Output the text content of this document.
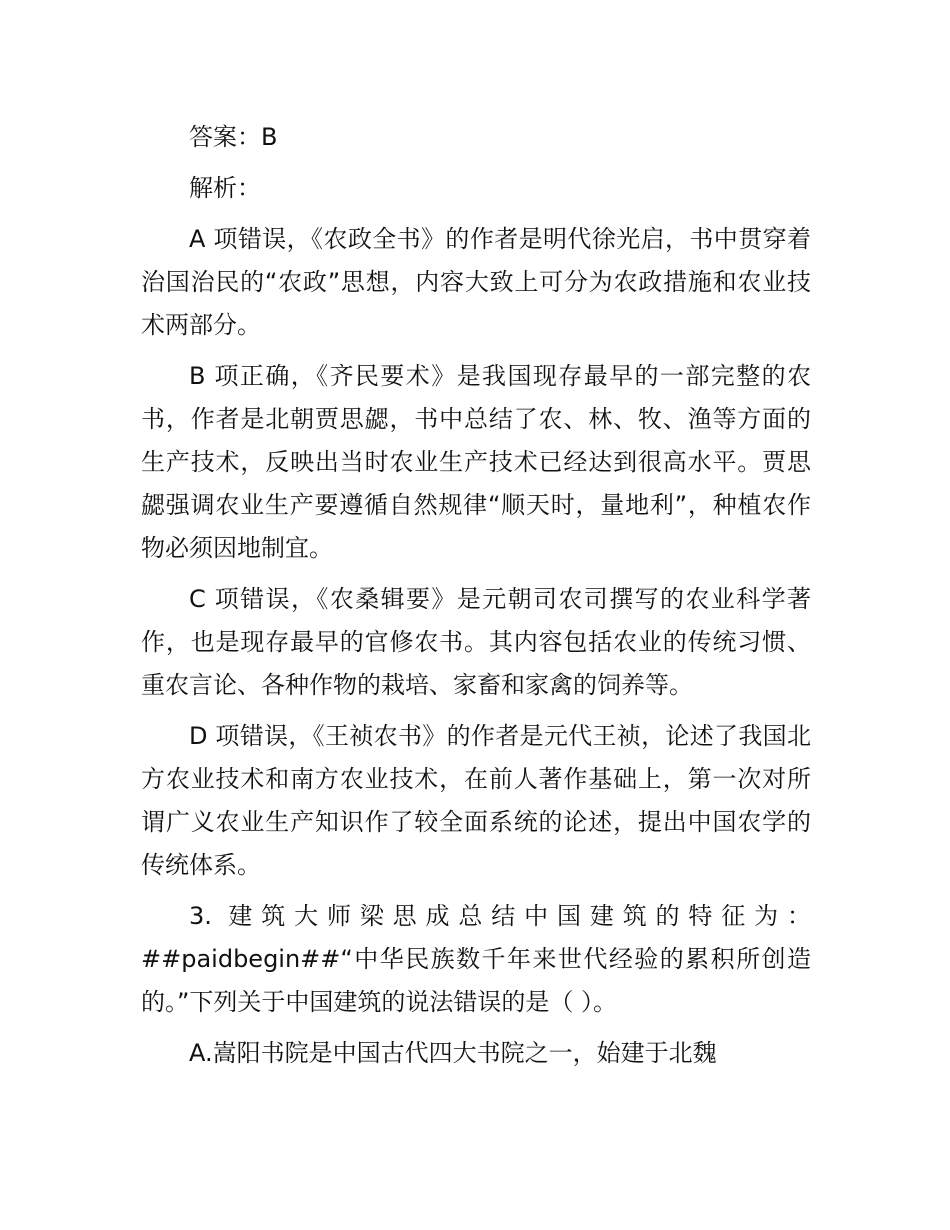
答案：B

解析：

A 项错误，《农政全书》的作者是明代徐光启，书中贯穿着治国治民的“农政”思想，内容大致上可分为农政措施和农业技术两部分。

B 项正确，《齐民要术》是我国现存最早的一部完整的农书，作者是北朝贾思勰，书中总结了农、林、牧、渔等方面的生产技术，反映出当时农业生产技术已经达到很高水平。贾思勰强调农业生产要遵循自然规律“顺天时，量地利”，种植农作物必须因地制宜。

C 项错误，《农桑辑要》是元朝司农司撰写的农业科学著作，也是现存最早的官修农书。其内容包括农业的传统习惯、重农言论、各种作物的栽培、家畜和家禽的饲养等。

D 项错误，《王祯农书》的作者是元代王祯，论述了我国北方农业技术和南方农业技术，在前人著作基础上，第一次对所谓广义农业生产知识作了较全面系统的论述，提出中国农学的传统体系。

3. 建筑大师梁思成总结中国建筑的特征为：

##paidbegin##“中华民族数千年来世代经验的累积所创造的。”下列关于中国建筑的说法错误的是（ ）。

A.嵩阳书院是中国古代四大书院之一，始建于北魏
